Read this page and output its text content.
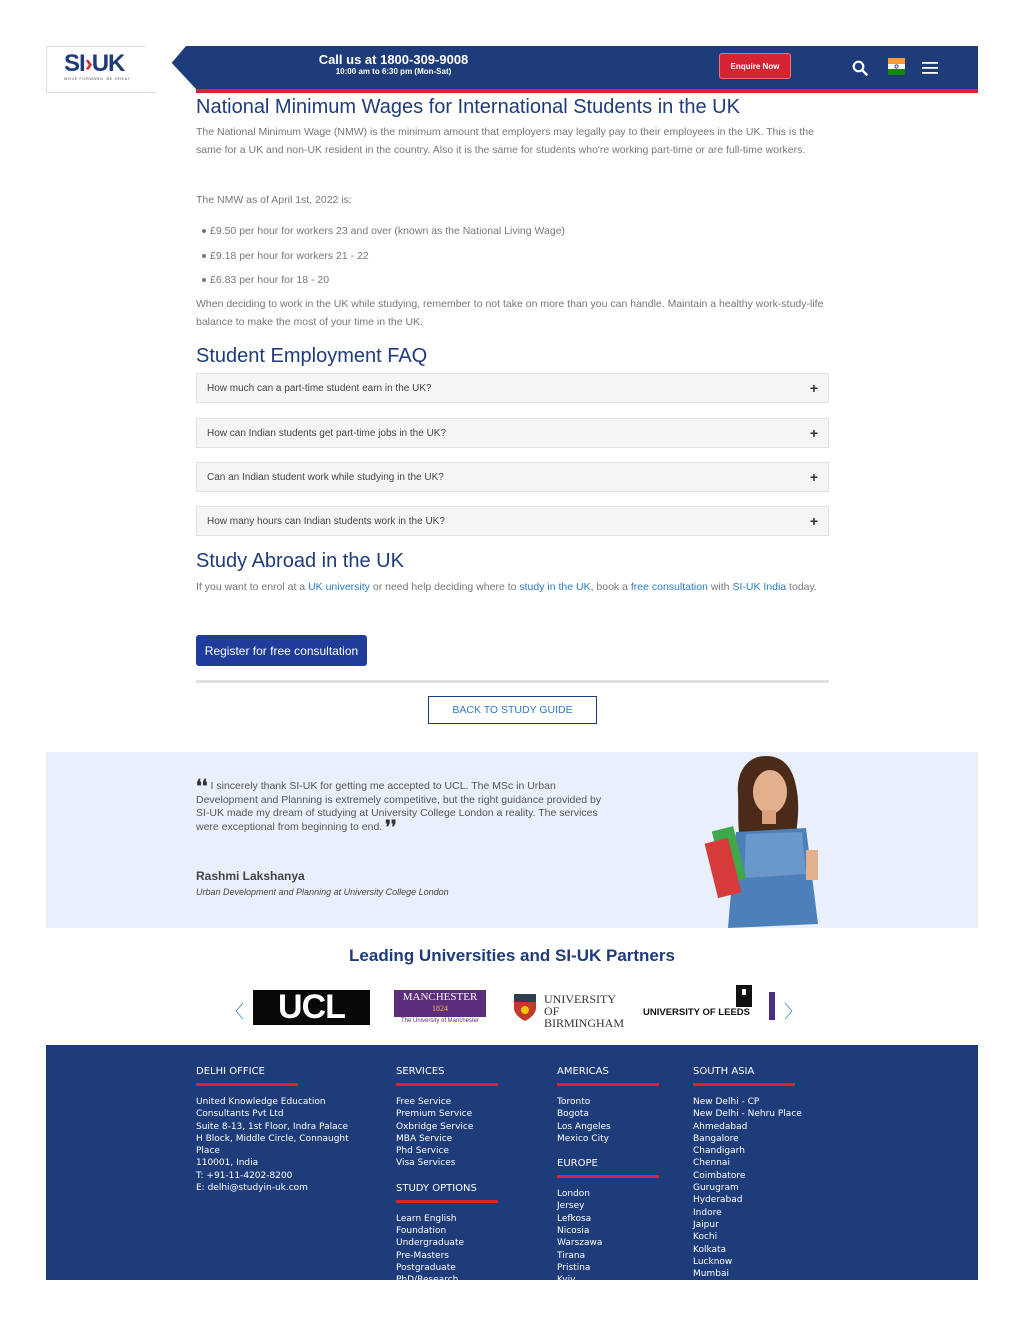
SI›UK
MOVE FORWARD. BE GREAT.
Call us at 1800-309-9008
10:00 am to 6:30 pm (Mon-Sat)
Enquire Now
National Minimum Wages for International Students in the UK

The National Minimum Wage (NMW) is the minimum amount that employers may legally pay to their employees in the UK. This is the same for a UK and non-UK resident in the country. Also it is the same for students who're working part-time or are full-time workers.

The NMW as of April 1st, 2022 is:

£9.50 per hour for workers 23 and over (known as the National Living Wage)
£9.18 per hour for workers 21 - 22
£6.83 per hour for 18 - 20

When deciding to work in the UK while studying, remember to not take on more than you can handle. Maintain a healthy work-study-life balance to make the most of your time in the UK.

Student Employment FAQ
How much can a part-time student earn in the UK?	+
How can Indian students get part-time jobs in the UK?	+
Can an Indian student work while studying in the UK?	+
How many hours can Indian students work in the UK?	+
Study Abroad in the UK

If you want to enrol at a UK university or need help deciding where to study in the UK, book a free consultation with SI-UK India today.

Register for free consultation
BACK TO STUDY GUIDE
❛❛ I sincerely thank SI-UK for getting me accepted to UCL. The MSc in Urban Development and Planning is extremely competitive, but the right guidance provided by SI-UK made my dream of studying at University College London a reality. The services were exceptional from beginning to end. ❜❜
Rashmi Lakshanya
Urban Development and Planning at University College London
Leading Universities and SI-UK Partners
〈	〉
UCL	MANCHESTER
1824
The University of Manchester
UNIVERSITY OF
BIRMINGHAM
UNIVERSITY OF LEEDS
DELHI OFFICE
United Knowledge Education
Consultants Pvt Ltd
Suite 8-13, 1st Floor, Indra Palace
H Block, Middle Circle, Connaught
Place
110001, India
T: +91-11-4202-8200
E: delhi@studyin-uk.com
SERVICES
Free Service
Premium Service
Oxbridge Service
MBA Service
Phd Service
Visa Services
STUDY OPTIONS
Learn English
Foundation
Undergraduate
Pre-Masters
Postgraduate
PhD/Research
AMERICAS
Toronto
Bogota
Los Angeles
Mexico City
EUROPE
London
Jersey
Lefkosa
Nicosia
Warszawa
Tirana
Pristina
Kyiv
SOUTH ASIA
New Delhi - CP
New Delhi - Nehru Place
Ahmedabad
Bangalore
Chandigarh
Chennai
Coimbatore
Gurugram
Hyderabad
Indore
Jaipur
Kochi
Kolkata
Lucknow
Mumbai
